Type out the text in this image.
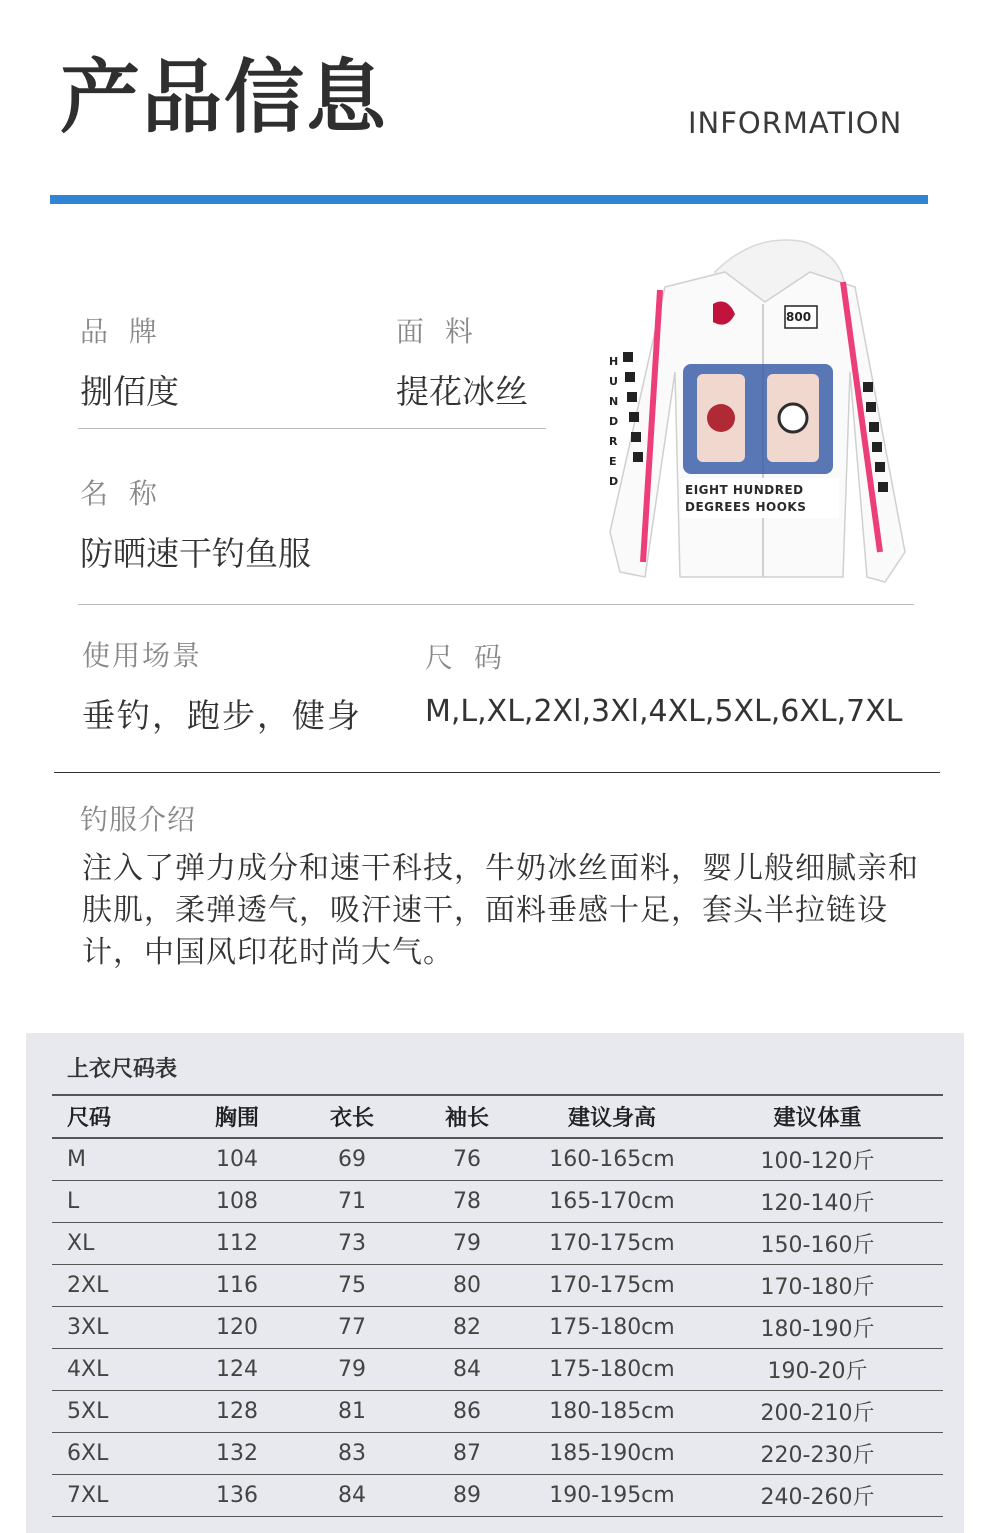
产品信息	INFORMATION
品 牌
捌佰度
面 料
提花冰丝
名 称
防晒速干钓鱼服
800
EIGHT HUNDRED
DEGREES HOOKS
HUNDRED
使用场景
垂钓，跑步，健身
尺 码
M,L,XL,2Xl,3Xl,4XL,5XL,6XL,7XL
钓服介绍
注入了弹力成分和速干科技，牛奶冰丝面料，婴儿般细腻亲和肤肌，柔弹透气，吸汗速干，面料垂感十足，套头半拉链设计，中国风印花时尚大气。
上衣尺码表
尺码	胸围	衣长	袖长	建议身高	建议体重
M	104	69	76	160-165cm	100-120斤
L	108	71	78	165-170cm	120-140斤
XL	112	73	79	170-175cm	150-160斤
2XL	116	75	80	170-175cm	170-180斤
3XL	120	77	82	175-180cm	180-190斤
4XL	124	79	84	175-180cm	190-20斤
5XL	128	81	86	180-185cm	200-210斤
6XL	132	83	87	185-190cm	220-230斤
7XL	136	84	89	190-195cm	240-260斤
